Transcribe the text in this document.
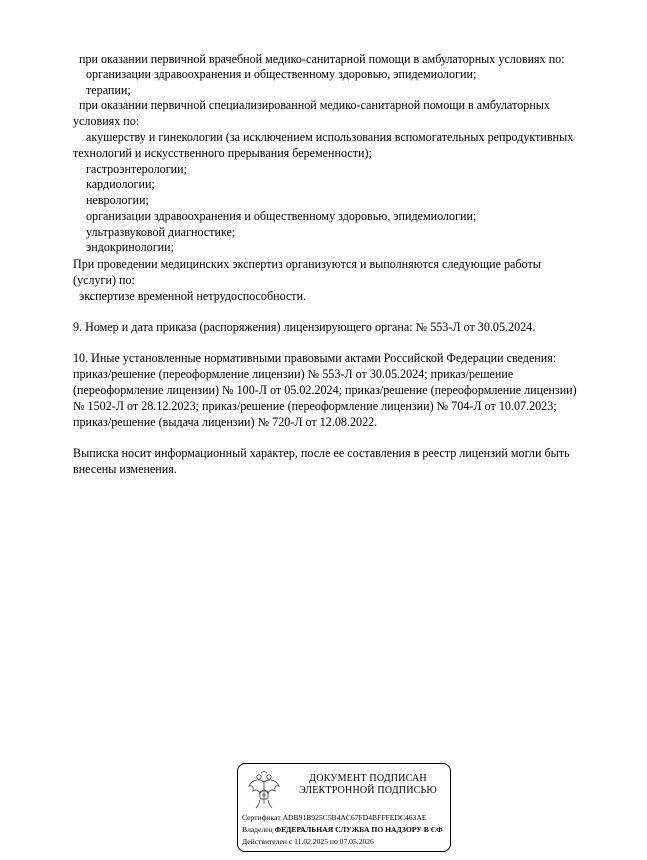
при оказании первичной врачебной медико-санитарной помощи в амбулаторных условиях по:
организации здравоохранения и общественному здоровью, эпидемиологии;
терапии;
при оказании первичной специализированной медико-санитарной помощи в амбулаторных
условиях по:
акушерству и гинекологии (за исключением использования вспомогательных репродуктивных
технологий и искусственного прерывания беременности);
гастроэнтерологии;
кардиологии;
неврологии;
организации здравоохранения и общественному здоровью, эпидемиологии;
ультразвуковой диагностике;
эндокринологии;
При проведении медицинских экспертиз организуются и выполняются следующие работы
(услуги) по:
экспертизе временной нетрудоспособности.
9. Номер и дата приказа (распоряжения) лицензирующего органа: № 553-Л от 30.05.2024.
10. Иные установленные нормативными правовыми актами Российской Федерации сведения:
приказ/решение (переоформление лицензии) № 553-Л от 30.05.2024; приказ/решение
(переоформление лицензии) № 100-Л от 05.02.2024; приказ/решение (переоформление лицензии)
№ 1502-Л от 28.12.2023; приказ/решение (переоформление лицензии) № 704-Л от 10.07.2023;
приказ/решение (выдача лицензии) № 720-Л от 12.08.2022.
Выписка носит информационный характер, после ее составления в реестр лицензий могли быть
внесены изменения.
ДОКУМЕНТ ПОДПИСАН
ЭЛЕКТРОННОЙ ПОДПИСЬЮ
Сертификат ADB91B925C5B4AC67FD4BFFFEDC463AE
Владелец ФЕДЕРАЛЬНАЯ СЛУЖБА ПО НАДЗОРУ В СФ
Действителен с 11.02.2025 по 07.05.2026
